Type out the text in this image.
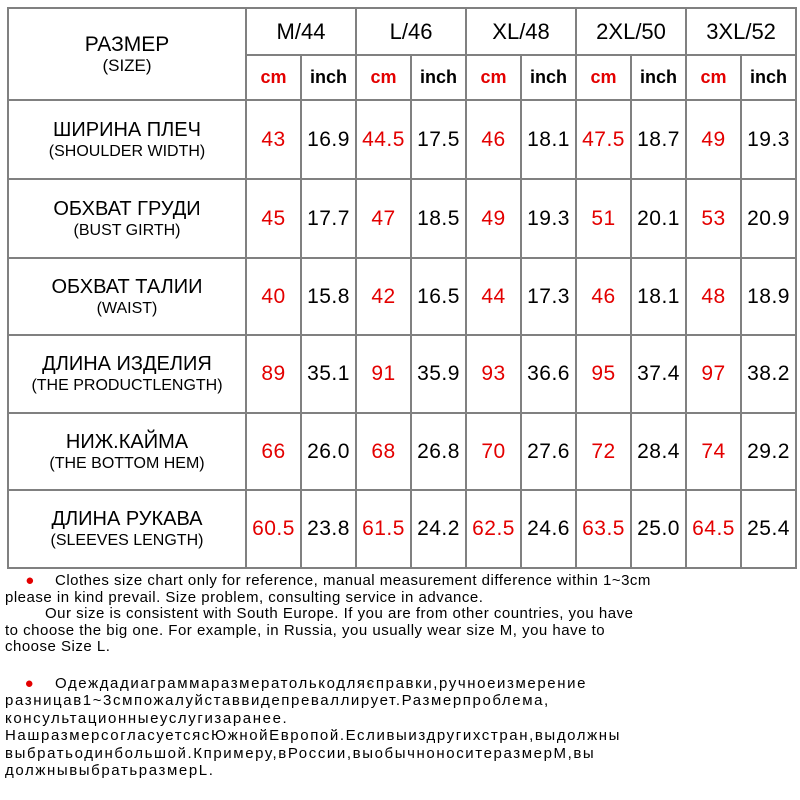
РАЗМЕР
(SIZE)	M/44		L/46		XL/48		2XL/50		3XL/52	
	cm	inch	cm	inch	cm	inch	cm	inch	cm	inch

ШИРИНА ПЛЕЧ
(SHOULDER WIDTH)	43	16.9	44.5	17.5	46	18.1	47.5	18.7	49	19.3

ОБХВАТ ГРУДИ
(BUST GIRTH)	45	17.7	47	18.5	49	19.3	51	20.1	53	20.9

ОБХВАТ ТАЛИИ
(WAIST)	40	15.8	42	16.5	44	17.3	46	18.1	48	18.9

ДЛИНА ИЗДЕЛИЯ
(THE PRODUCTLENGTH)	89	35.1	91	35.9	93	36.6	95	37.4	97	38.2

НИЖ.КАЙМА
(THE BOTTOM HEM)	66	26.0	68	26.8	70	27.6	72	28.4	74	29.2

ДЛИНА РУКАВА
(SLEEVES LENGTH)	60.5	23.8	61.5	24.2	62.5	24.6	63.5	25.0	64.5	25.4
● Clothes size chart only for reference, manual measurement difference within 1~3cm
please in kind prevail. Size problem, consulting service in advance.
Our size is consistent with South Europe. If you are from other countries, you have
to choose the big one. For example, in Russia, you usually wear size M, you have to
choose Size L.
● Одеждадиаграммаразмератолькодляєправки,ручноеизмерение
разницав1~3смпожалуйставвидепреваллирует.Размерпроблема,
консультационныеуслугизаранее.
НашразмерсогласуетсясЮжнойЕвропой.Есливыиздругихстран,выдолжны
выбратьодинбольшой.Кпримеру,вРоссии,выобычноноситеразмерМ,вы
должнывыбратьразмерL.
